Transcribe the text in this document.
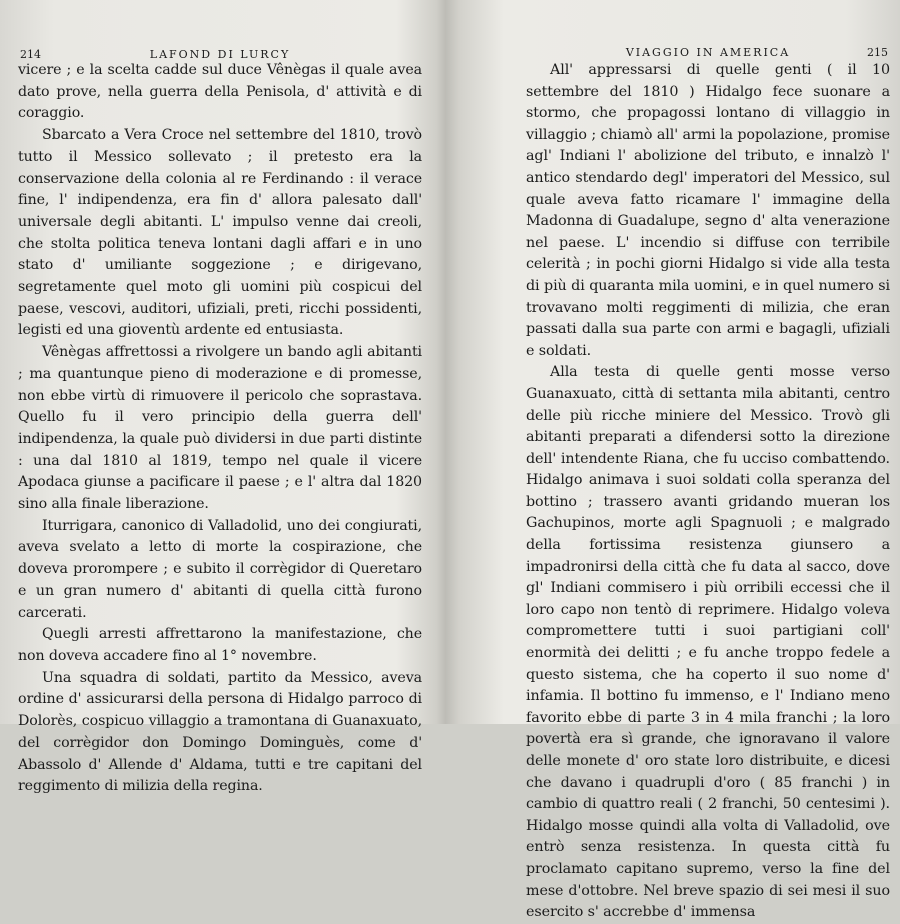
214	LAFOND DI LURCY

vicere ; e la scelta cadde sul duce Vênègas il quale avea dato prove, nella guerra della Penisola, d' attività e di coraggio.

Sbarcato a Vera Croce nel settembre del 1810, trovò tutto il Messico sollevato ; il pretesto era la conservazione della colonia al re Ferdinando : il verace fine, l' indipendenza, era fin d' allora palesato dall' universale degli abitanti. L' impulso venne dai creoli, che stolta politica teneva lontani dagli affari e in uno stato d' umiliante soggezione ; e dirigevano, segretamente quel moto gli uomini più cospicui del paese, vescovi, auditori, ufiziali, preti, ricchi possidenti, legisti ed una gioventù ardente ed entusiasta.

Vênègas affrettossi a rivolgere un bando agli abitanti ; ma quantunque pieno di moderazione e di promesse, non ebbe virtù di rimuovere il pericolo che soprastava. Quello fu il vero principio della guerra dell' indipendenza, la quale può dividersi in due parti distinte : una dal 1810 al 1819, tempo nel quale il vicere Apodaca giunse a pacificare il paese ; e l' altra dal 1820 sino alla finale liberazione.

Iturrigara, canonico di Valladolid, uno dei congiurati, aveva svelato a letto di morte la cospirazione, che doveva prorompere ; e subito il corrègidor di Queretaro e un gran numero d' abitanti di quella città furono carcerati.

Quegli arresti affrettarono la manifestazione, che non doveva accadere fino al 1° novembre.

Una squadra di soldati, partito da Messico, aveva ordine d' assicurarsi della persona di Hidalgo parroco di Dolorès, cospicuo villaggio a tramontana di Guanaxuato, del corrègidor don Domingo Dominguès, come d' Abassolo d' Allende d' Aldama, tutti e tre capitani del reggimento di milizia della regina.

VIAGGIO IN AMERICA	215

All' appressarsi di quelle genti ( il 10 settembre del 1810 ) Hidalgo fece suonare a stormo, che propagossi lontano di villaggio in villaggio ; chiamò all' armi la popolazione, promise agl' Indiani l' abolizione del tributo, e innalzò l' antico stendardo degl' imperatori del Messico, sul quale aveva fatto ricamare l' immagine della Madonna di Guadalupe, segno d' alta venerazione nel paese. L' incendio si diffuse con terribile celerità ; in pochi giorni Hidalgo si vide alla testa di più di quaranta mila uomini, e in quel numero si trovavano molti reggimenti di milizia, che eran passati dalla sua parte con armi e bagagli, ufiziali e soldati.

Alla testa di quelle genti mosse verso Guanaxuato, città di settanta mila abitanti, centro delle più ricche miniere del Messico. Trovò gli abitanti preparati a difendersi sotto la direzione dell' intendente Riana, che fu ucciso combattendo. Hidalgo animava i suoi soldati colla speranza del bottino ; trassero avanti gridando mueran los Gachupinos, morte agli Spagnuoli ; e malgrado della fortissima resistenza giunsero a impadronirsi della città che fu data al sacco, dove gl' Indiani commisero i più orribili eccessi che il loro capo non tentò di reprimere. Hidalgo voleva compromettere tutti i suoi partigiani coll' enormità dei delitti ; e fu anche troppo fedele a questo sistema, che ha coperto il suo nome d' infamia. Il bottino fu immenso, e l' Indiano meno favorito ebbe di parte 3 in 4 mila franchi ; la loro povertà era sì grande, che ignoravano il valore delle monete d' oro state loro distribuite, e dicesi che davano i quadrupli d'oro ( 85 franchi ) in cambio di quattro reali ( 2 franchi, 50 centesimi ). Hidalgo mosse quindi alla volta di Valladolid, ove entrò senza resistenza. In questa città fu proclamato capitano supremo, verso la fine del mese d'ottobre. Nel breve spazio di sei mesi il suo esercito s' accrebbe d' immensa
